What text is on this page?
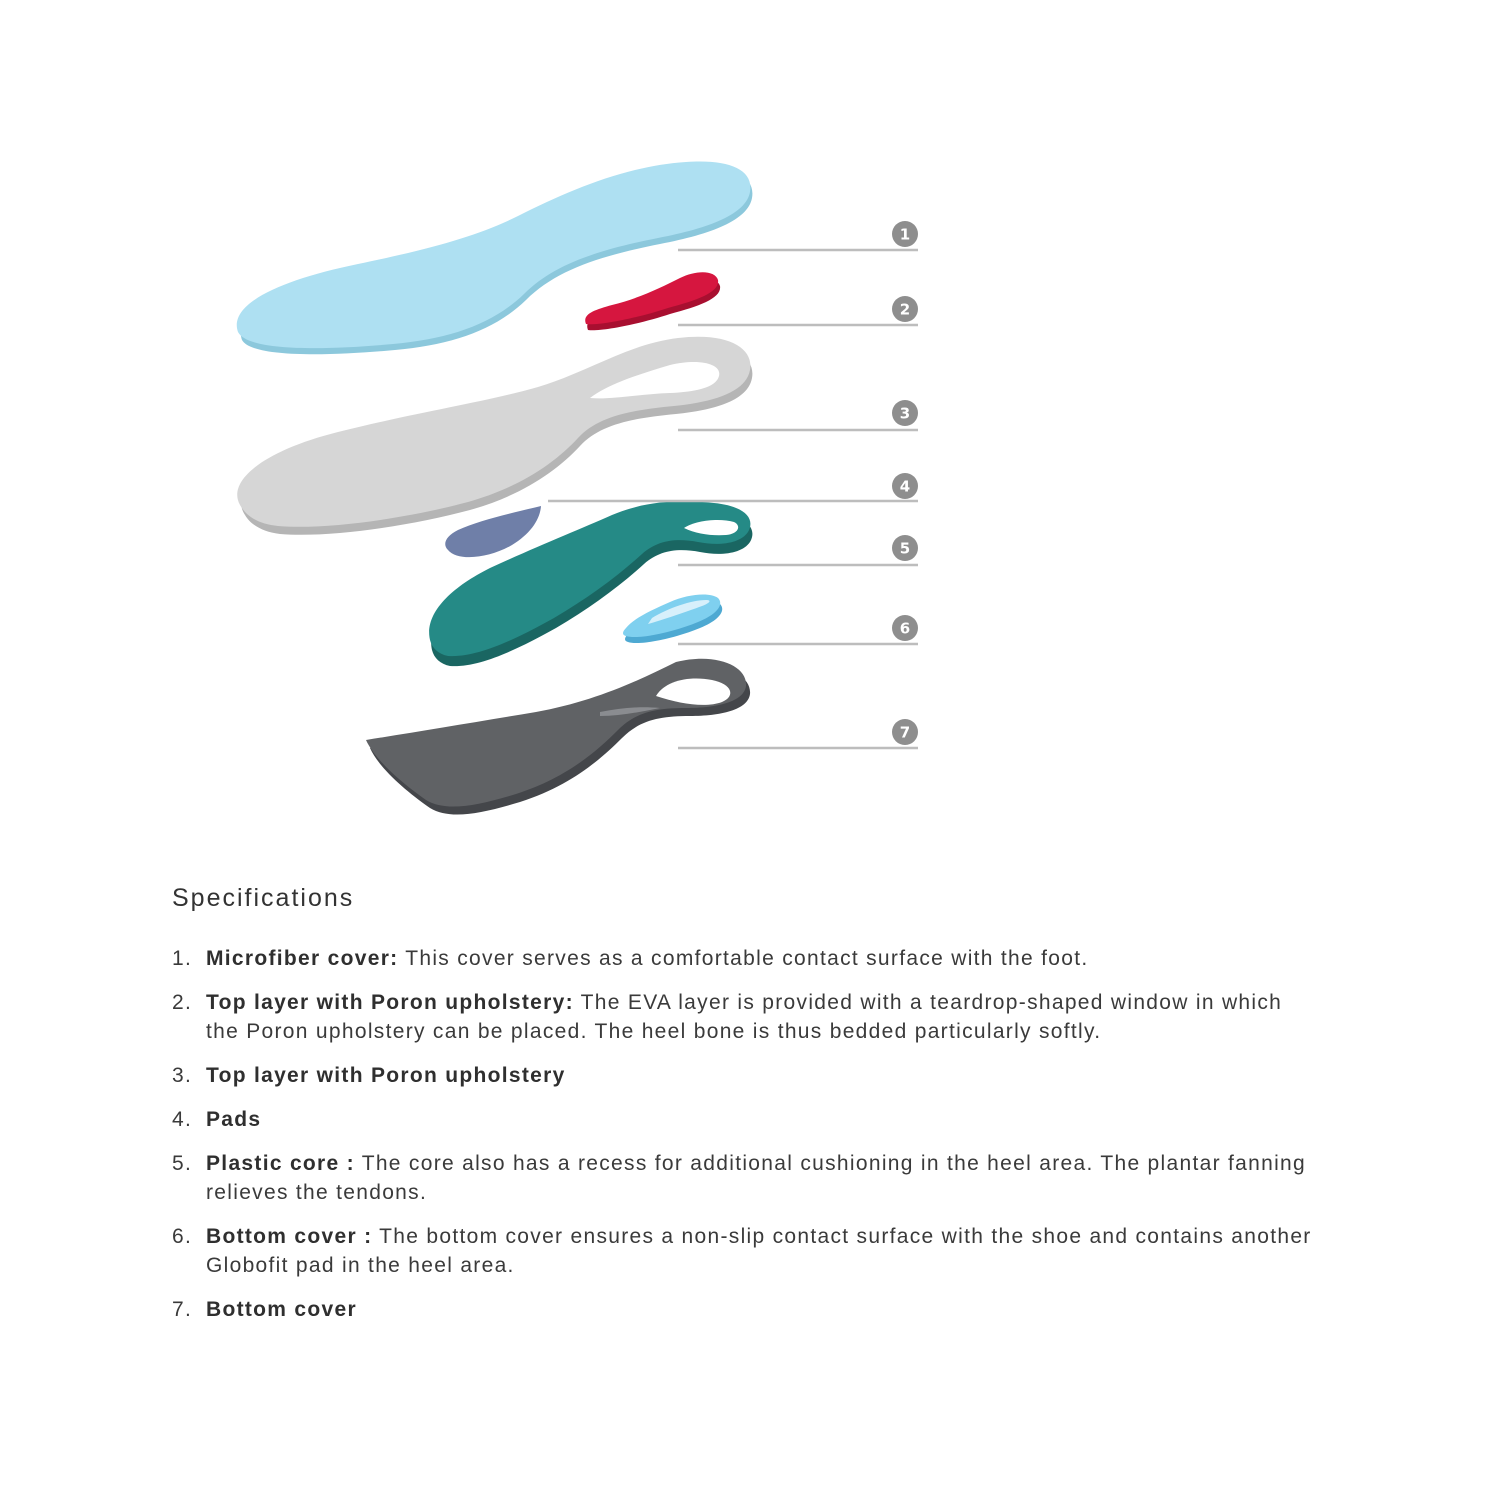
1
2
3
4
5
6
7
Specifications
1. Microfiber cover: This cover serves as a comfortable contact surface with the foot.
2. Top layer with Poron upholstery: The EVA layer is provided with a teardrop-shaped window in which the Poron upholstery can be placed. The heel bone is thus bedded particularly softly.
3. Top layer with Poron upholstery
4. Pads
5. Plastic core : The core also has a recess for additional cushioning in the heel area. The plantar fanning relieves the tendons.
6. Bottom cover : The bottom cover ensures a non-slip contact surface with the shoe and contains another Globofit pad in the heel area.
7. Bottom cover
